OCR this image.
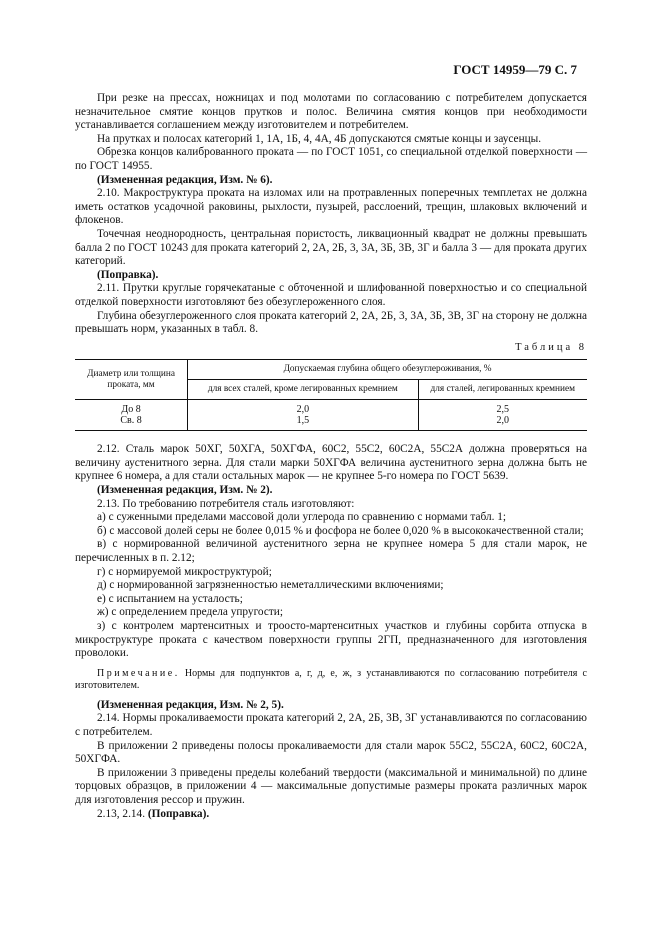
ГОСТ 14959—79 С. 7

При резке на прессах, ножницах и под молотами по согласованию с потребителем допускается незначительное смятие концов прутков и полос. Величина смятия концов при необходимости устанавливается соглашением между изготовителем и потребителем.

На прутках и полосах категорий 1, 1А, 1Б, 4, 4А, 4Б допускаются смятые концы и заусенцы.

Обрезка концов калиброванного проката — по ГОСТ 1051, со специальной отделкой поверхности — по ГОСТ 14955.

(Измененная редакция, Изм. № 6).

2.10. Макроструктура проката на изломах или на протравленных поперечных темплетах не должна иметь остатков усадочной раковины, рыхлости, пузырей, расслоений, трещин, шлаковых включений и флокенов.

Точечная неоднородность, центральная пористость, ликвационный квадрат не должны превышать балла 2 по ГОСТ 10243 для проката категорий 2, 2А, 2Б, 3, 3А, 3Б, 3В, 3Г и балла 3 — для проката других категорий.

(Поправка).

2.11. Прутки круглые горячекатаные с обточенной и шлифованной поверхностью и со специальной отделкой поверхности изготовляют без обезуглероженного слоя.

Глубина обезуглероженного слоя проката категорий 2, 2А, 2Б, 3, 3А, 3Б, 3В, 3Г на сторону не должна превышать норм, указанных в табл. 8.

Таблица 8
Диаметр или толщина проката, мм	Допускаемая глубина общего обезуглероживания, %	
	для всех сталей, кроме легированных кремнием	для сталей, легированных кремнием
До 8	2,0	2,5
Св. 8	1,5	2,0

2.12. Сталь марок 50ХГ, 50ХГА, 50ХГФА, 60С2, 55С2, 60С2А, 55С2А должна проверяться на величину аустенитного зерна. Для стали марки 50ХГФА величина аустенитного зерна должна быть не крупнее 6 номера, а для стали остальных марок — не крупнее 5-го номера по ГОСТ 5639.

(Измененная редакция, Изм. № 2).

2.13. По требованию потребителя сталь изготовляют:

а) с суженными пределами массовой доли углерода по сравнению с нормами табл. 1;

б) с массовой долей серы не более 0,015 % и фосфора не более 0,020 % в высококачественной стали;

в) с нормированной величиной аустенитного зерна не крупнее номера 5 для стали марок, не перечисленных в п. 2.12;

г) с нормируемой микроструктурой;

д) с нормированной загрязненностью неметаллическими включениями;

е) с испытанием на усталость;

ж) с определением предела упругости;

з) с контролем мартенситных и троосто-мартенситных участков и глубины сорбита отпуска в микроструктуре проката с качеством поверхности группы 2ГП, предназначенного для изготовления проволоки.

Примечание. Нормы для подпунктов а, г, д, е, ж, з устанавливаются по согласованию потребителя с изготовителем.

(Измененная редакция, Изм. № 2, 5).

2.14. Нормы прокаливаемости проката категорий 2, 2А, 2Б, 3В, 3Г устанавливаются по согласованию с потребителем.

В приложении 2 приведены полосы прокаливаемости для стали марок 55С2, 55С2А, 60С2, 60С2А, 50ХГФА.

В приложении 3 приведены пределы колебаний твердости (максимальной и минимальной) по длине торцовых образцов, в приложении 4 — максимальные допустимые размеры проката различных марок для изготовления рессор и пружин.

2.13, 2.14. (Поправка).
